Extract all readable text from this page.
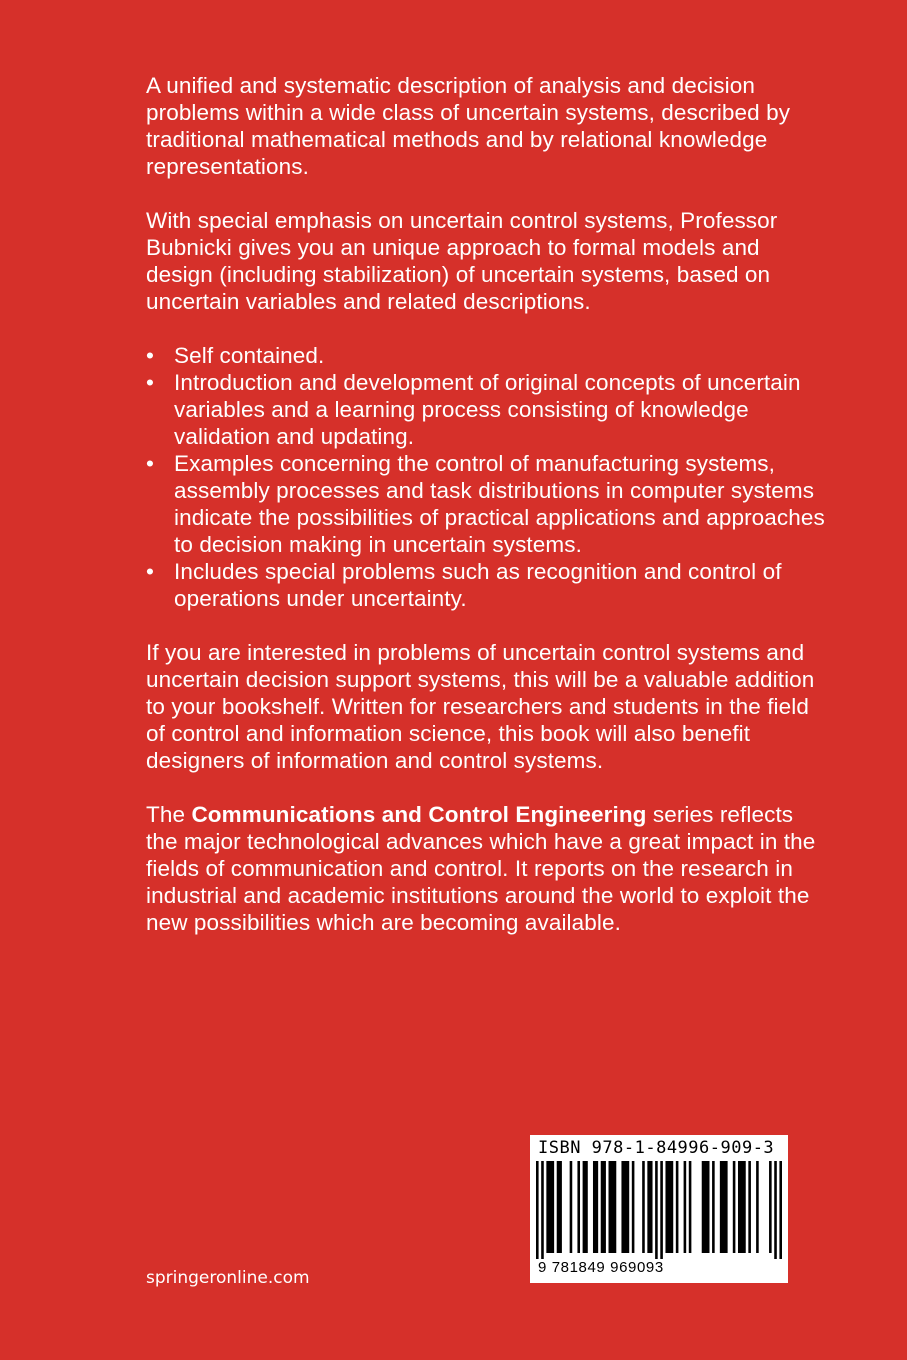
A unified and systematic description of analysis and decision problems within a wide class of uncertain systems, described by traditional mathematical methods and by relational knowledge representations.

With special emphasis on uncertain control systems, Professor Bubnicki gives you an unique approach to formal models and design (including stabilization) of uncertain systems, based on uncertain variables and related descriptions.

• Self contained.
• Introduction and development of original concepts of uncertain variables and a learning process consisting of knowledge validation and updating.
• Examples concerning the control of manufacturing systems, assembly processes and task distributions in computer systems indicate the possibilities of practical applications and approaches to decision making in uncertain systems.
• Includes special problems such as recognition and control of operations under uncertainty.

If you are interested in problems of uncertain control systems and uncertain decision support systems, this will be a valuable addition to your bookshelf. Written for researchers and students in the field of control and information science, this book will also benefit designers of information and control systems.

The Communications and Control Engineering series reflects the major technological advances which have a great impact in the fields of communication and control. It reports on the research in industrial and academic institutions around the world to exploit the new possibilities which are becoming available.

springeronline.com
ISBN 978-1-84996-909-3
9 781849 969093
